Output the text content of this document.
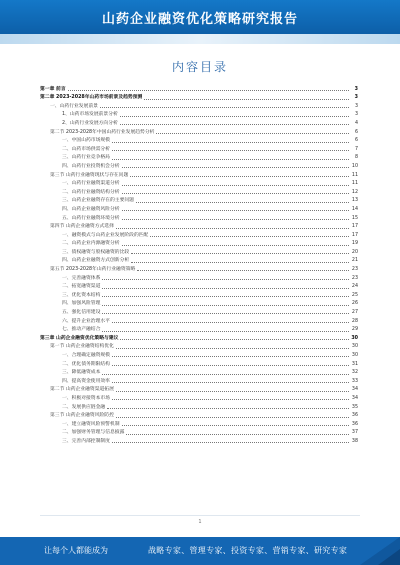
山药企业融资优化策略研究报告
内容目录
第一章 前言	3
第二章 2023-2028年山药市场前景及趋势预测	3
一、山药行业发展前景	3
1、山药市场发展前景分析	3
2、山药行业发展方向分析	4
第二节 2023-2028年中国山药行业发展趋势分析	6
一、中国山药市场规模	6
二、山药市场供需分析	7
三、山药行业竞争格局	8
四、山药行业投资机会分析	10
第三节 山药行业融资现状与存在问题	11
一、山药行业融资渠道分析	11
二、山药行业融资结构分析	12
三、山药企业融资存在的主要问题	13
四、山药企业融资风险分析	14
五、山药行业融资环境分析	15
第四节 山药企业融资方式选择	17
一、融资模式与山药企业发展阶段的匹配	17
二、山药企业内源融资分析	19
三、债权融资与股权融资的比较	20
四、山药企业融资方式创新分析	21
第五节 2023-2028年山药行业融资策略	23
一、完善融资体系	23
二、拓宽融资渠道	24
三、优化资本结构	25
四、加强风险管理	26
五、强化信用建设	27
六、提升企业治理水平	28
七、推动产融结合	29
第三章 山药企业融资优化策略与建议	30
第一节 山药企业融资结构优化	30
一、合理确定融资规模	30
二、优化债务期限结构	31
三、降低融资成本	32
四、提高资金使用效率	33
第二节 山药企业融资渠道拓展	34
一、积极对接资本市场	34
二、发展供应链金融	35
第三节 山药企业融资风险防控	36
一、建立融资风险预警机制	36
二、加强财务管理与信息披露	37
三、完善内部控制制度	38
1
让每个人都能成为	战略专家、管理专家、投资专家、营销专家、研究专家
